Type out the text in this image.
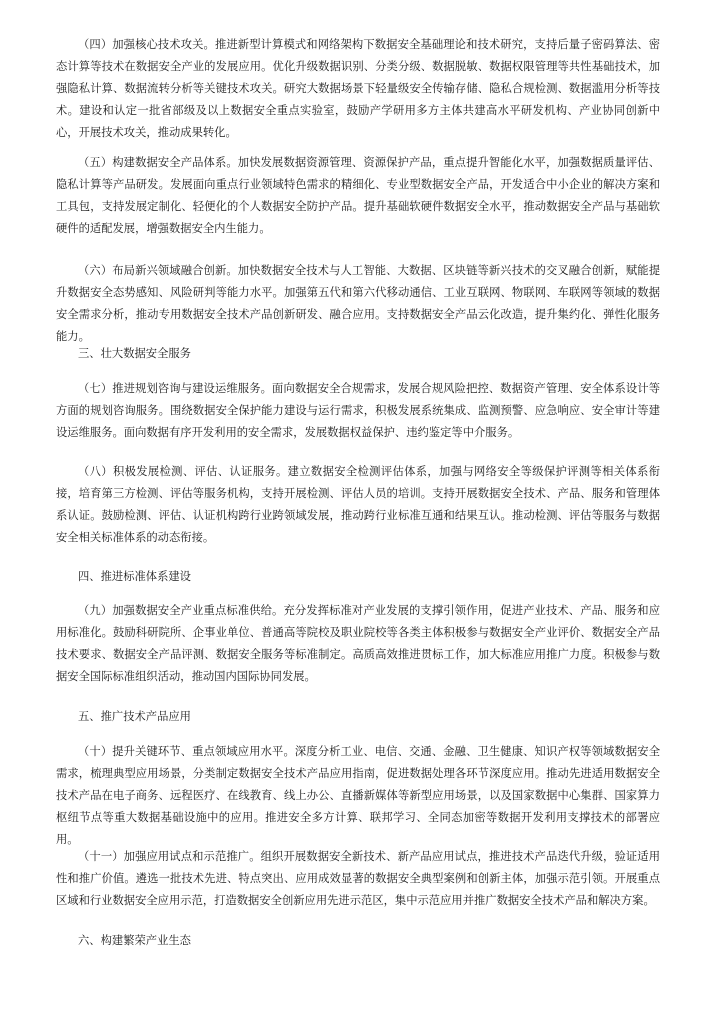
（四）加强核心技术攻关。推进新型计算模式和网络架构下数据安全基础理论和技术研究，支持后量子密码算法、密态计算等技术在数据安全产业的发展应用。优化升级数据识别、分类分级、数据脱敏、数据权限管理等共性基础技术，加强隐私计算、数据流转分析等关键技术攻关。研究大数据场景下轻量级安全传输存储、隐私合规检测、数据滥用分析等技术。建设和认定一批省部级及以上数据安全重点实验室，鼓励产学研用多方主体共建高水平研发机构、产业协同创新中心，开展技术攻关，推动成果转化。

（五）构建数据安全产品体系。加快发展数据资源管理、资源保护产品，重点提升智能化水平，加强数据质量评估、隐私计算等产品研发。发展面向重点行业领域特色需求的精细化、专业型数据安全产品，开发适合中小企业的解决方案和工具包，支持发展定制化、轻便化的个人数据安全防护产品。提升基础软硬件数据安全水平，推动数据安全产品与基础软硬件的适配发展，增强数据安全内生能力。

（六）布局新兴领域融合创新。加快数据安全技术与人工智能、大数据、区块链等新兴技术的交叉融合创新，赋能提升数据安全态势感知、风险研判等能力水平。加强第五代和第六代移动通信、工业互联网、物联网、车联网等领域的数据安全需求分析，推动专用数据安全技术产品创新研发、融合应用。支持数据安全产品云化改造，提升集约化、弹性化服务能力。

三、壮大数据安全服务

（七）推进规划咨询与建设运维服务。面向数据安全合规需求，发展合规风险把控、数据资产管理、安全体系设计等方面的规划咨询服务。围绕数据安全保护能力建设与运行需求，积极发展系统集成、监测预警、应急响应、安全审计等建设运维服务。面向数据有序开发利用的安全需求，发展数据权益保护、违约鉴定等中介服务。

（八）积极发展检测、评估、认证服务。建立数据安全检测评估体系，加强与网络安全等级保护评测等相关体系衔接，培育第三方检测、评估等服务机构，支持开展检测、评估人员的培训。支持开展数据安全技术、产品、服务和管理体系认证。鼓励检测、评估、认证机构跨行业跨领域发展，推动跨行业标准互通和结果互认。推动检测、评估等服务与数据安全相关标准体系的动态衔接。

四、推进标准体系建设

（九）加强数据安全产业重点标准供给。充分发挥标准对产业发展的支撑引领作用，促进产业技术、产品、服务和应用标准化。鼓励科研院所、企事业单位、普通高等院校及职业院校等各类主体积极参与数据安全产业评价、数据安全产品技术要求、数据安全产品评测、数据安全服务等标准制定。高质高效推进贯标工作，加大标准应用推广力度。积极参与数据安全国际标准组织活动，推动国内国际协同发展。

五、推广技术产品应用

（十）提升关键环节、重点领域应用水平。深度分析工业、电信、交通、金融、卫生健康、知识产权等领域数据安全需求，梳理典型应用场景，分类制定数据安全技术产品应用指南，促进数据处理各环节深度应用。推动先进适用数据安全技术产品在电子商务、远程医疗、在线教育、线上办公、直播新媒体等新型应用场景，以及国家数据中心集群、国家算力枢纽节点等重大数据基础设施中的应用。推进安全多方计算、联邦学习、全同态加密等数据开发利用支撑技术的部署应用。

（十一）加强应用试点和示范推广。组织开展数据安全新技术、新产品应用试点，推进技术产品迭代升级，验证适用性和推广价值。遴选一批技术先进、特点突出、应用成效显著的数据安全典型案例和创新主体，加强示范引领。开展重点区域和行业数据安全应用示范，打造数据安全创新应用先进示范区，集中示范应用并推广数据安全技术产品和解决方案。

六、构建繁荣产业生态
